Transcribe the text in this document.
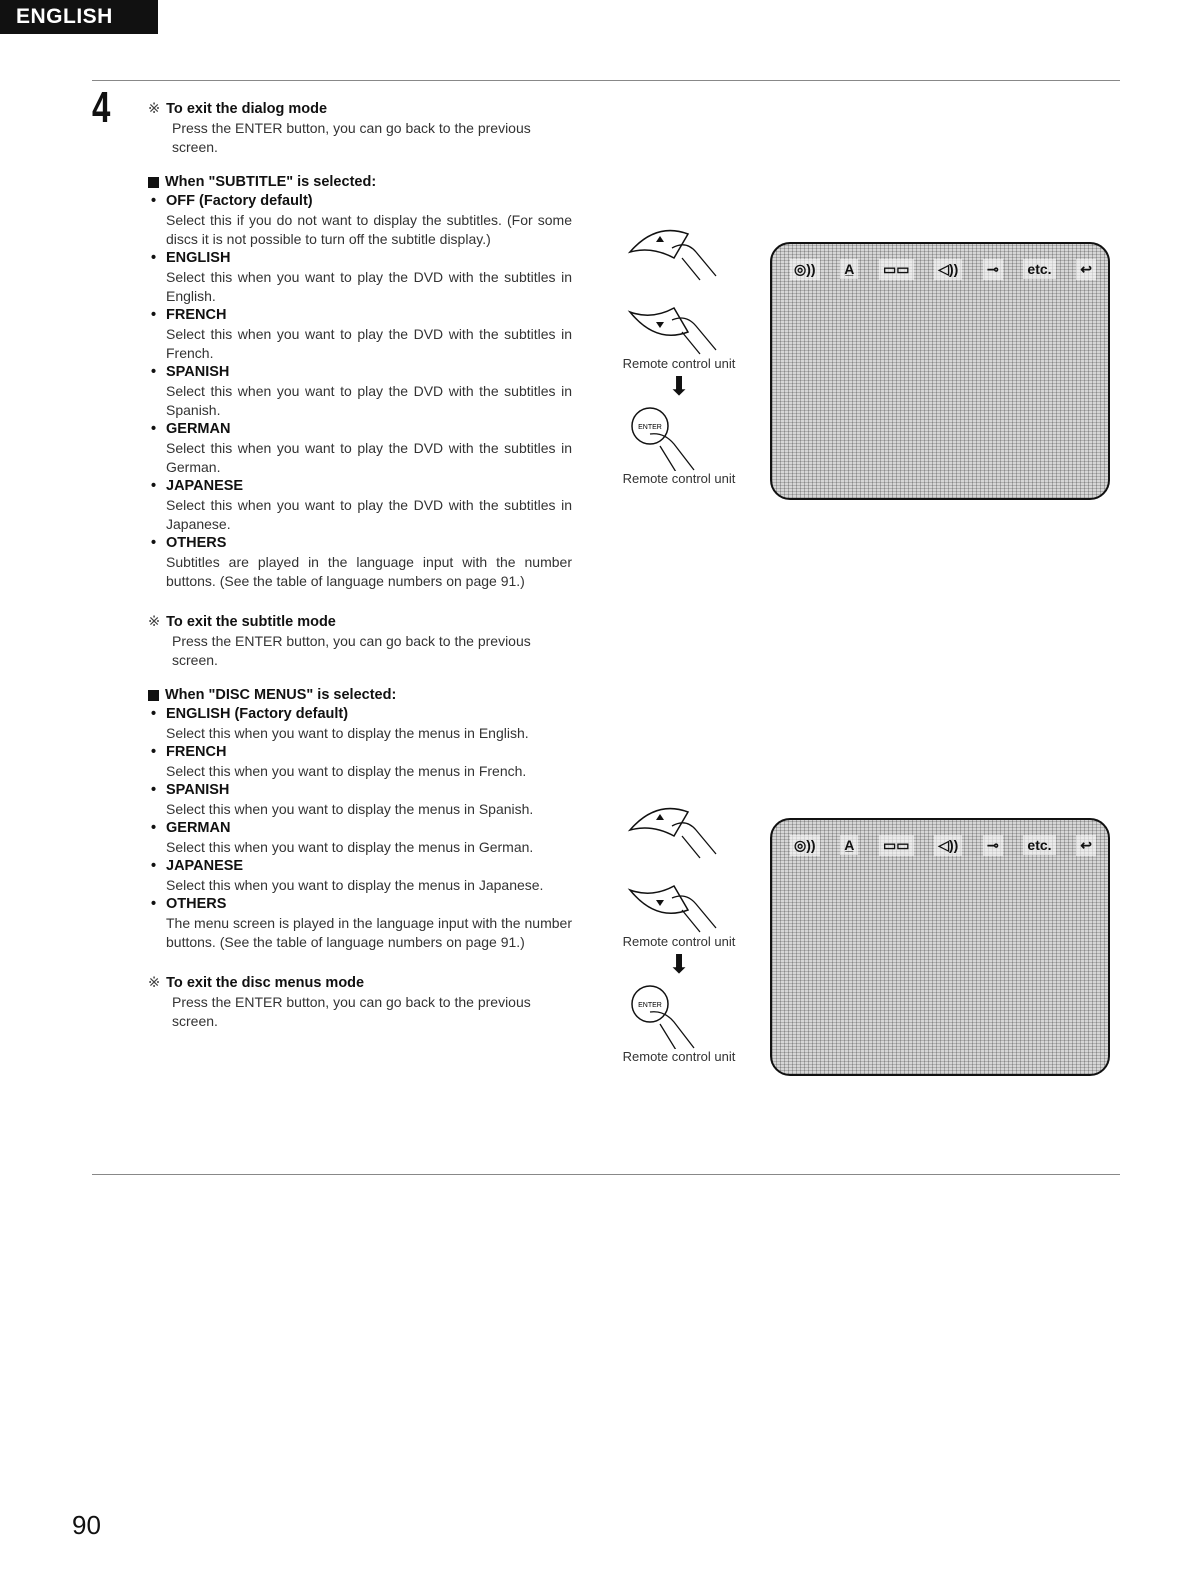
ENGLISH
4	※ To exit the dialog mode
Press the ENTER button, you can go back to the previous screen.
When "SUBTITLE" is selected:
• OFF (Factory default)
Select this if you do not want to display the subtitles. (For some discs it is not possible to turn off the subtitle display.)
• ENGLISH
Select this when you want to play the DVD with the subtitles in English.
• FRENCH
Select this when you want to play the DVD with the subtitles in French.
• SPANISH
Select this when you want to play the DVD with the subtitles in Spanish.
• GERMAN
Select this when you want to play the DVD with the subtitles in German.
• JAPANESE
Select this when you want to play the DVD with the subtitles in Japanese.
• OTHERS
Subtitles are played in the language input with the number buttons. (See the table of language numbers on page 91.)
※ To exit the subtitle mode
Press the ENTER button, you can go back to the previous screen.
When "DISC MENUS" is selected:
• ENGLISH (Factory default)
Select this when you want to display the menus in English.
• FRENCH
Select this when you want to display the menus in French.
• SPANISH
Select this when you want to display the menus in Spanish.
• GERMAN
Select this when you want to display the menus in German.
• JAPANESE
Select this when you want to display the menus in Japanese.
• OTHERS
The menu screen is played in the language input with the number buttons. (See the table of language numbers on page 91.)
※ To exit the disc menus mode
Press the ENTER button, you can go back to the previous screen.
Remote control unit
⬇
ENTER
Remote control unit
◎)) A̲ ▭▭ ◁)) ⊸ etc. ↩
Remote control unit
⬇
ENTER
Remote control unit
◎)) A̲ ▭▭ ◁)) ⊸ etc. ↩
90
